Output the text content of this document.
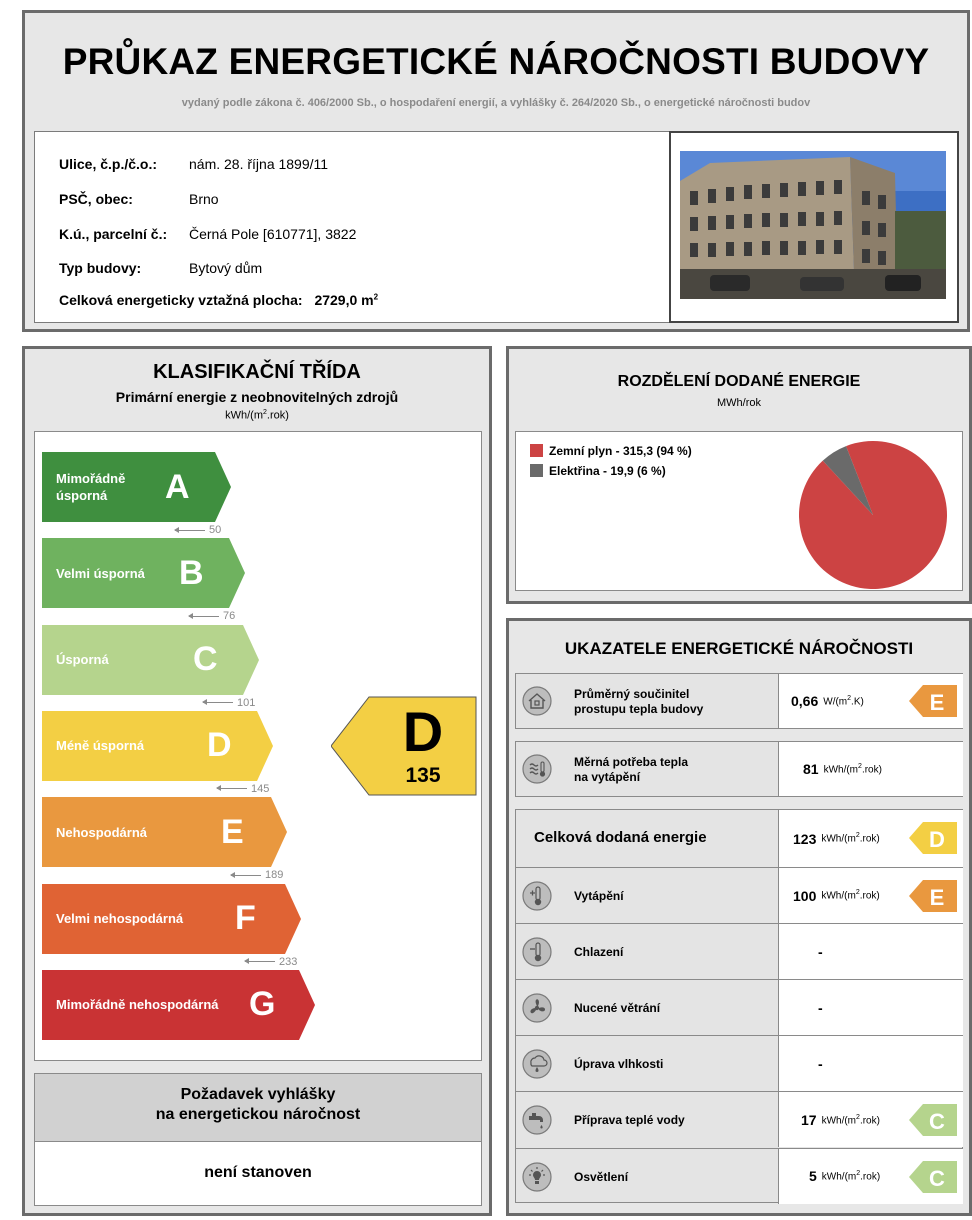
PRŮKAZ ENERGETICKÉ NÁROČNOSTI BUDOVY
vydaný podle zákona č. 406/2000 Sb., o hospodaření energií, a vyhlášky č. 264/2020 Sb., o energetické náročnosti budov
Ulice, č.p./č.o.: nám. 28. října 1899/11
PSČ, obec:	Brno
K.ú., parcelní č.: Černá Pole [610771], 3822
Typ budovy:	Bytový dům
Celková energeticky vztažná plocha: 2729,0 $m^2$
KLASIFIKAČNÍ TŘÍDA
Primární energie z neobnovitelných zdrojů
kWh/$(m^2.rok)$
Mimořádně úsporná	A
Velmi úsporná	B
Úsporná	C
Méně úsporná	D
Nehospodárná	E
Velmi nehospodárná	F
Mimořádně nehospodárná G
50
76
101
145
189
233
D
135
Požadavek vyhlášky
na energetickou náročnost
není stanoven
ROZDĚLENÍ DODANÉ ENERGIE
MWh/rok
Zemní plyn - 315,3 (94 %)
Elektřina - 19,9 (6 %)
UKAZATELE ENERGETICKÉ NÁROČNOSTI
Průměrný součinitel
prostupu tepla budovy	0,66 $W/(m^2.K)$	E
Měrná potřeba tepla
na vytápění	81 kWh/$(m^2.rok)$
Celková dodaná energie	123 kWh/$(m^2.rok)$ D
Vytápění	100 kWh/$(m^2.rok)$ E
Chlazení	-
Nucené větrání	-
Úprava vlhkosti	-
Příprava teplé vody	17 kWh/$(m^2.rok)$ C
Osvětlení	5 kWh/$(m^2.rok)$ C
